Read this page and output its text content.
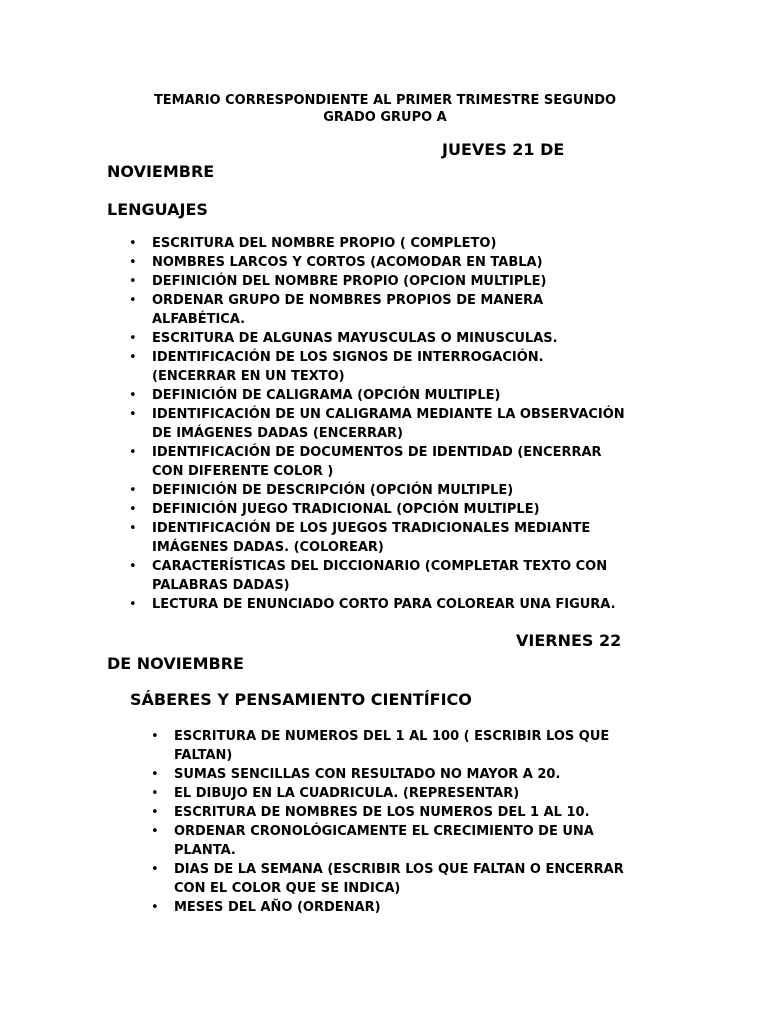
TEMARIO CORRESPONDIENTE AL PRIMER TRIMESTRE SEGUNDO
GRADO GRUPO A
JUEVES 21 DE
NOVIEMBRE
LENGUAJES
• ESCRITURA DEL NOMBRE PROPIO ( COMPLETO)
• NOMBRES LARCOS Y CORTOS (ACOMODAR EN TABLA)
• DEFINICIÓN DEL NOMBRE PROPIO (OPCION MULTIPLE)
• ORDENAR GRUPO DE NOMBRES PROPIOS DE MANERA
ALFABÉTICA.
• ESCRITURA DE ALGUNAS MAYUSCULAS O MINUSCULAS.
• IDENTIFICACIÓN DE LOS SIGNOS DE INTERROGACIÓN.
(ENCERRAR EN UN TEXTO)
• DEFINICIÓN DE CALIGRAMA (OPCIÓN MULTIPLE)
• IDENTIFICACIÓN DE UN CALIGRAMA MEDIANTE LA OBSERVACIÓN
DE IMÁGENES DADAS (ENCERRAR)
• IDENTIFICACIÓN DE DOCUMENTOS DE IDENTIDAD (ENCERRAR
CON DIFERENTE COLOR )
• DEFINICIÓN DE DESCRIPCIÓN (OPCIÓN MULTIPLE)
• DEFINICIÓN JUEGO TRADICIONAL (OPCIÓN MULTIPLE)
• IDENTIFICACIÓN DE LOS JUEGOS TRADICIONALES MEDIANTE
IMÁGENES DADAS. (COLOREAR)
• CARACTERÍSTICAS DEL DICCIONARIO (COMPLETAR TEXTO CON
PALABRAS DADAS)
• LECTURA DE ENUNCIADO CORTO PARA COLOREAR UNA FIGURA.
VIERNES 22
DE NOVIEMBRE
SÁBERES Y PENSAMIENTO CIENTÍFICO
• ESCRITURA DE NUMEROS DEL 1 AL 100 ( ESCRIBIR LOS QUE
FALTAN)
• SUMAS SENCILLAS CON RESULTADO NO MAYOR A 20.
• EL DIBUJO EN LA CUADRICULA. (REPRESENTAR)
• ESCRITURA DE NOMBRES DE LOS NUMEROS DEL 1 AL 10.
• ORDENAR CRONOLÓGICAMENTE EL CRECIMIENTO DE UNA
PLANTA.
• DIAS DE LA SEMANA (ESCRIBIR LOS QUE FALTAN O ENCERRAR
CON EL COLOR QUE SE INDICA)
• MESES DEL AÑO (ORDENAR)
